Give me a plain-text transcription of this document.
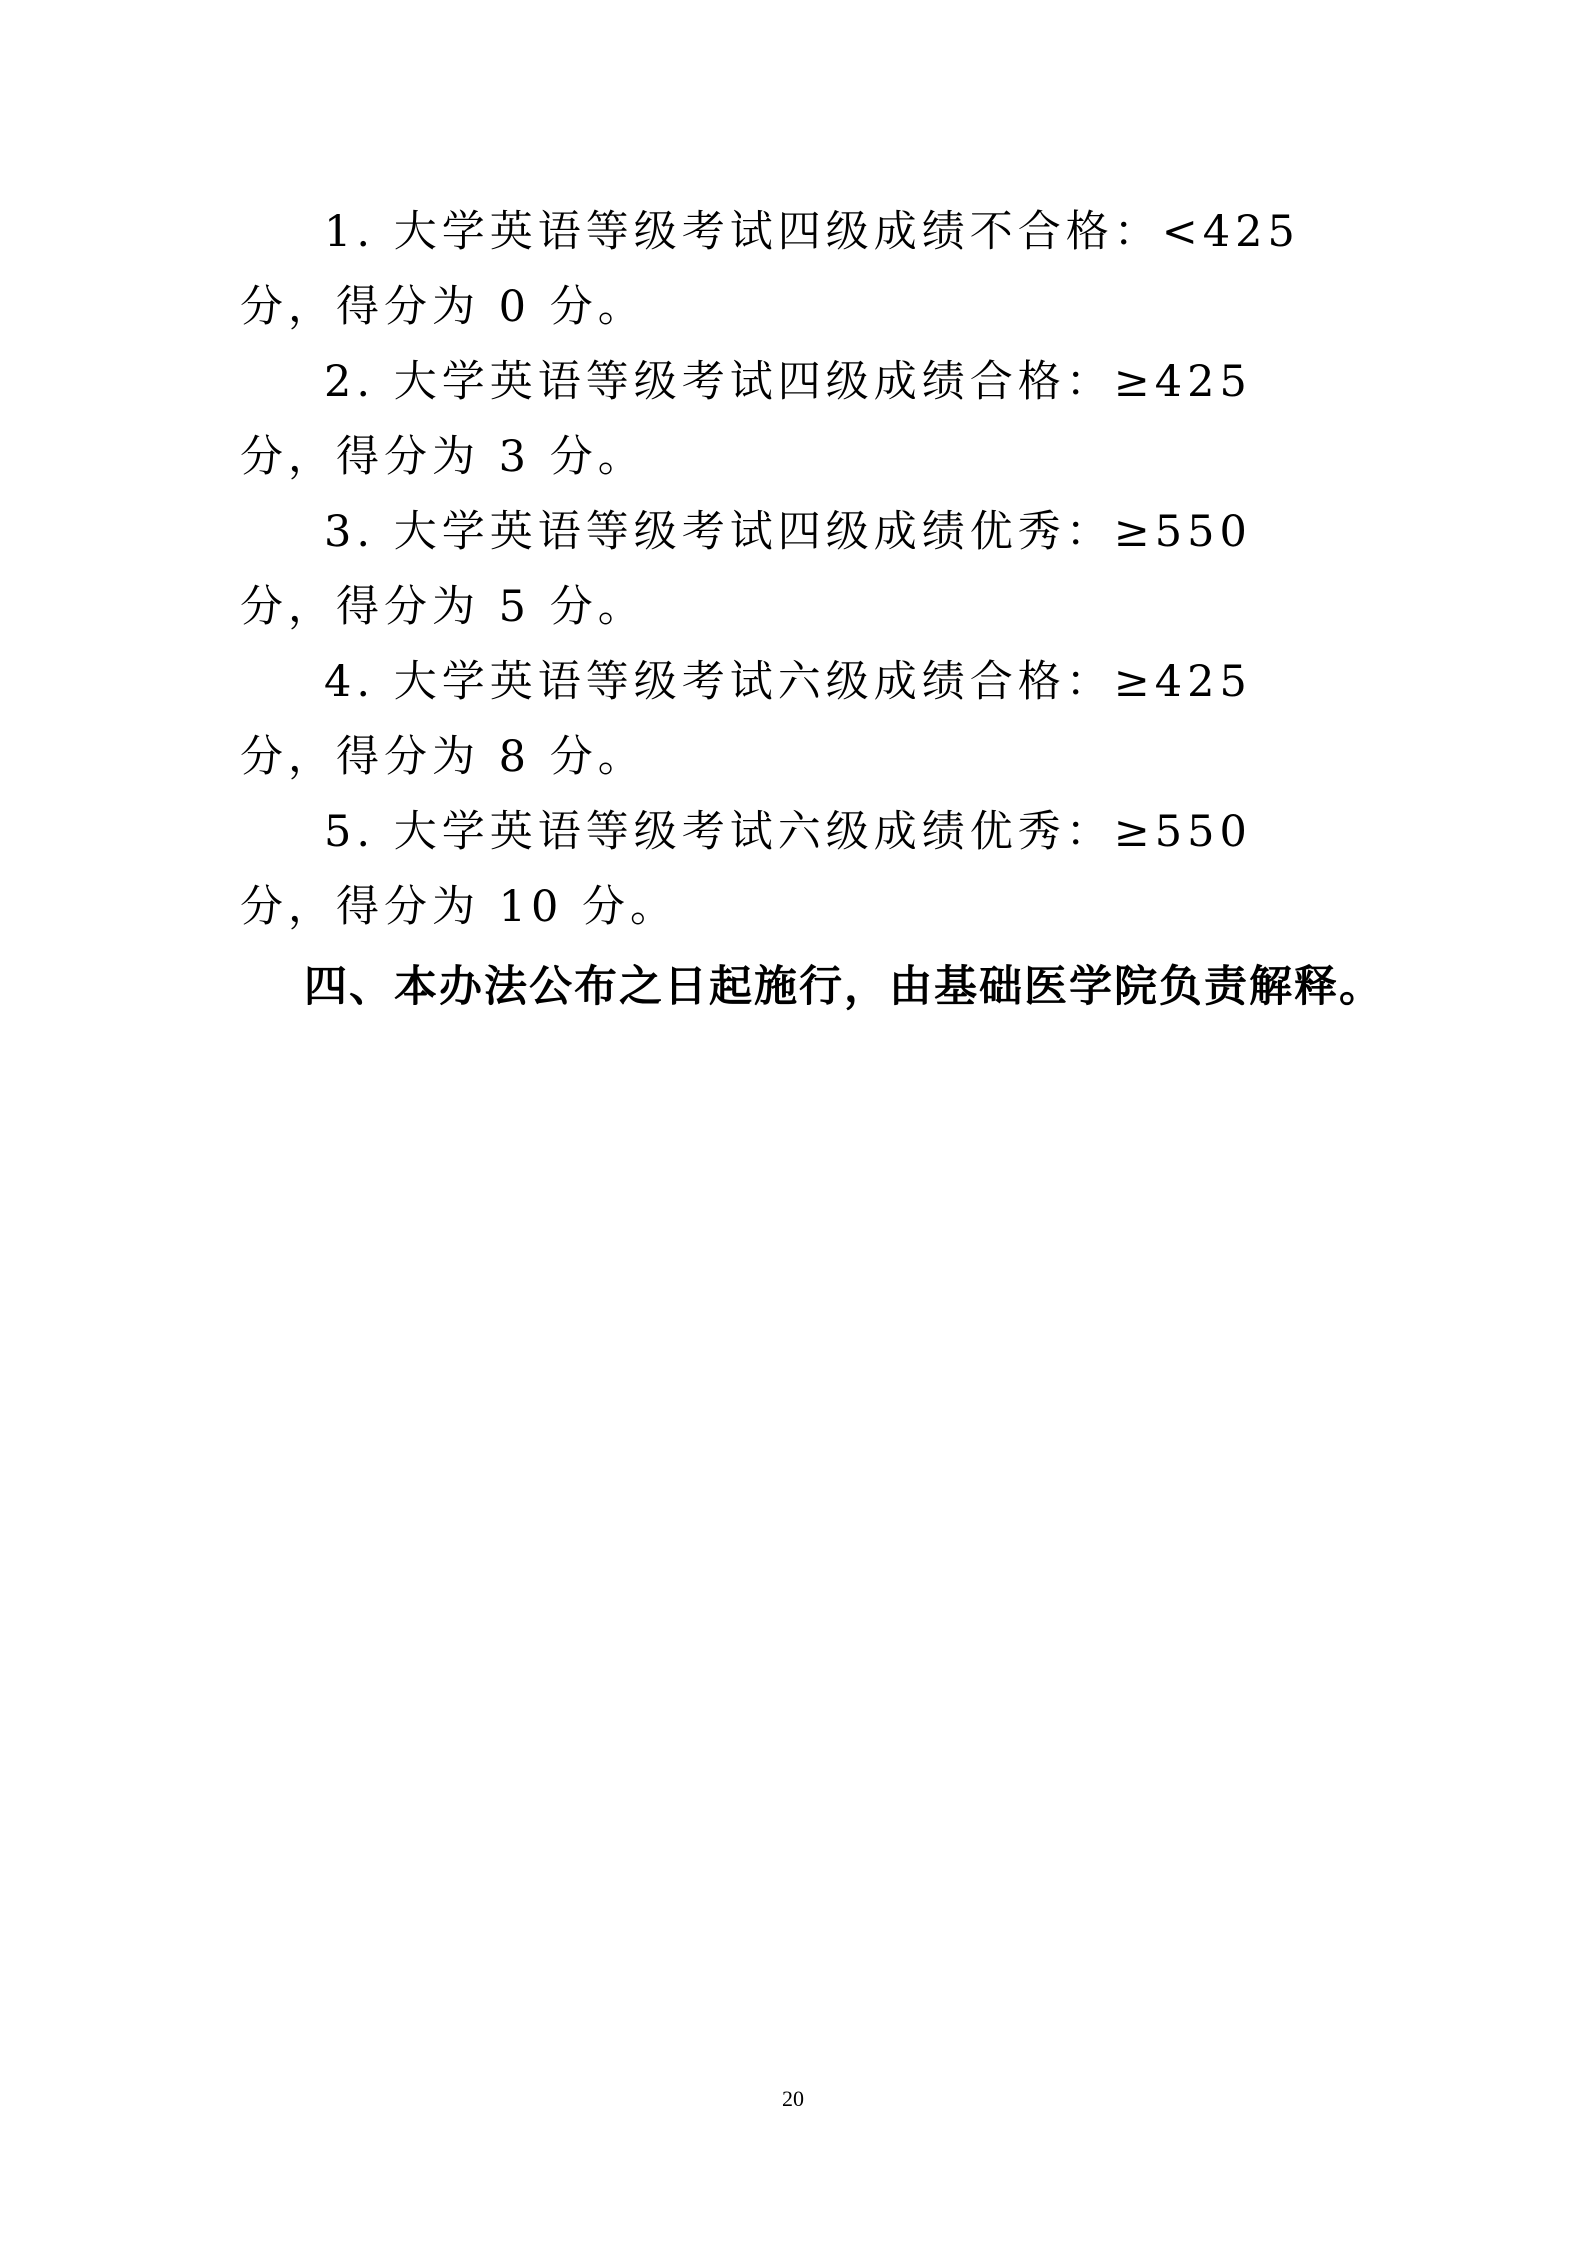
1. 大学英语等级考试四级成绩不合格：<425 分，得分为 0 分。

2. 大学英语等级考试四级成绩合格：≥425 分，得分为 3 分。

3. 大学英语等级考试四级成绩优秀：≥550 分，得分为 5 分。

4. 大学英语等级考试六级成绩合格：≥425 分，得分为 8 分。

5. 大学英语等级考试六级成绩优秀：≥550 分，得分为 10 分。

四、本办法公布之日起施行，由基础医学院负责解释。

20
